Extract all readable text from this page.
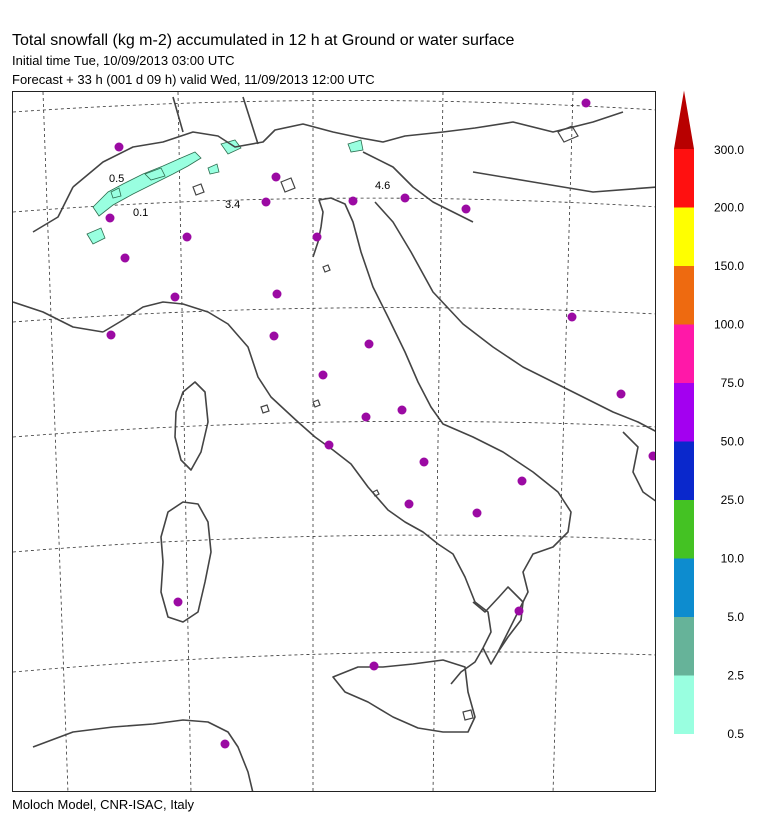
Total snowfall (kg m-2) accumulated in 12 h at Ground or water surface
Initial time Tue, 10/09/2013 03:00 UTC
Forecast + 33 h (001 d 09 h) valid Wed, 11/09/2013 12:00 UTC
0.5
0.1
3.4
4.6
Moloch Model, CNR-ISAC, Italy
0.5
2.5
5.0
10.0
25.0
50.0
75.0
100.0
150.0
200.0
300.0
